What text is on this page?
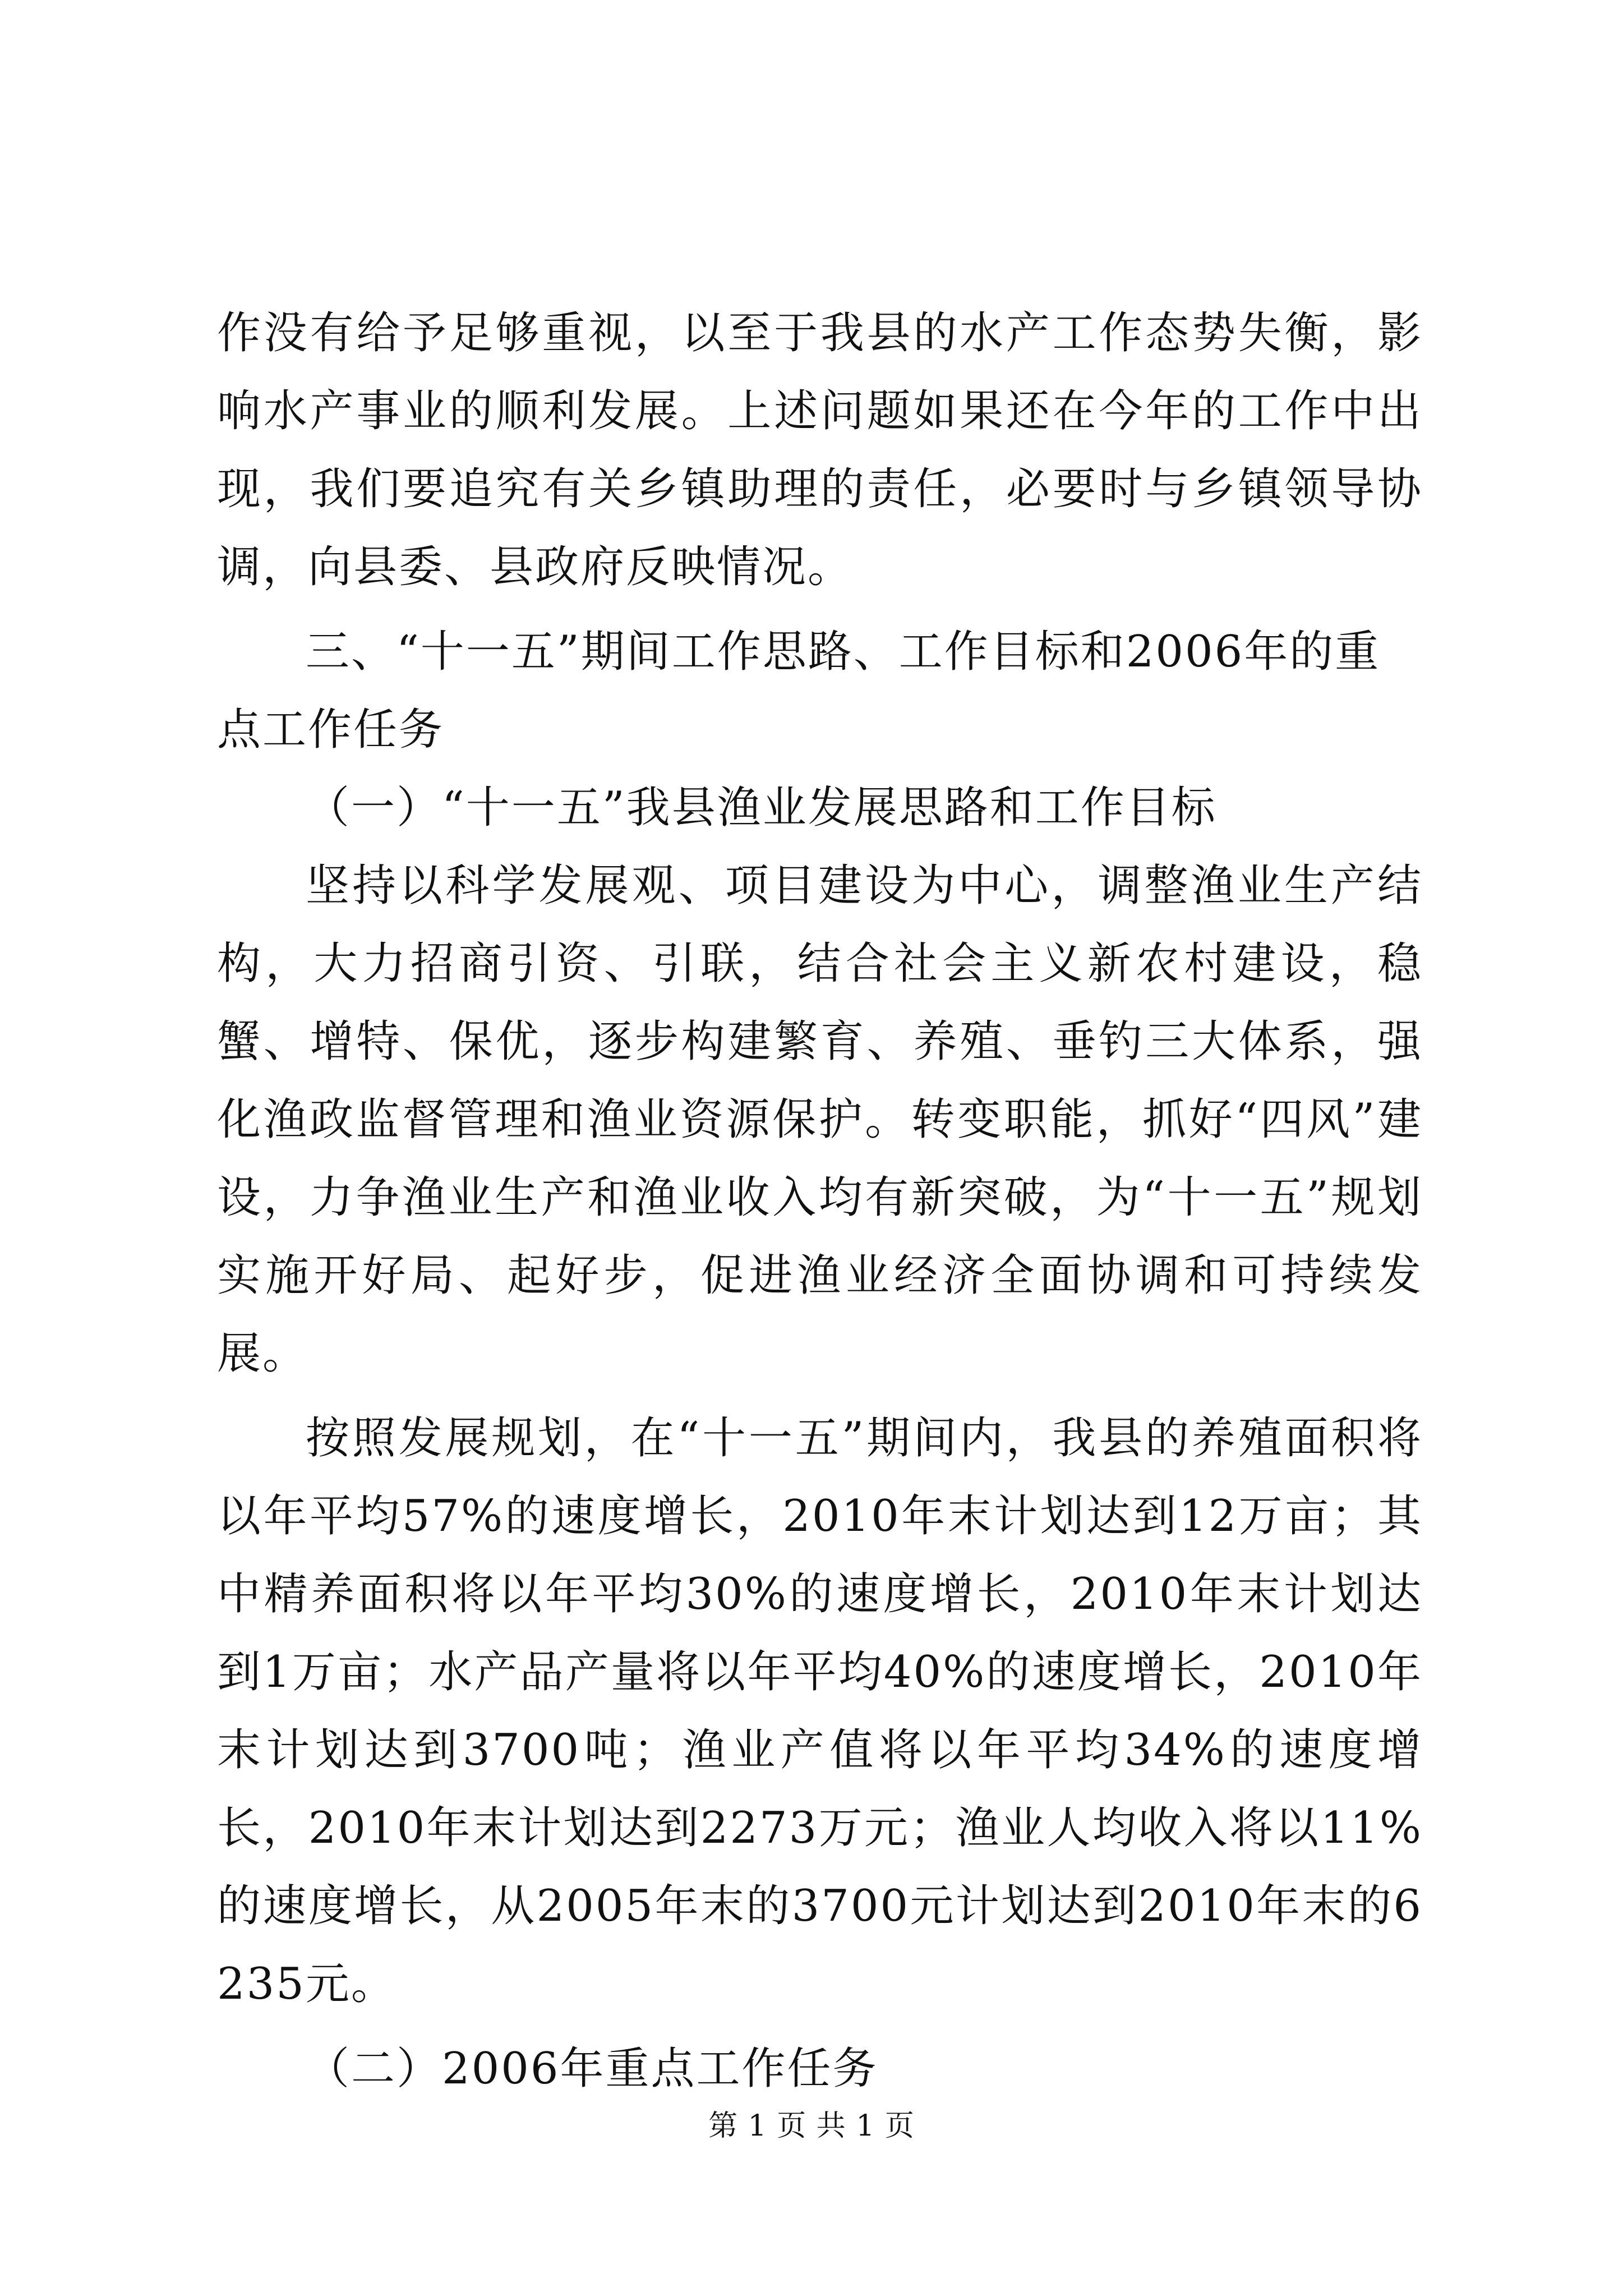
作没有给予足够重视，以至于我县的水产工作态势失衡，影响水产事业的顺利发展。上述问题如果还在今年的工作中出现，我们要追究有关乡镇助理的责任，必要时与乡镇领导协调，向县委、县政府反映情况。

三、“十一五”期间工作思路、工作目标和2006年的重点工作任务

（一）“十一五”我县渔业发展思路和工作目标

坚持以科学发展观、项目建设为中心，调整渔业生产结构，大力招商引资、引联，结合社会主义新农村建设，稳蟹、增特、保优，逐步构建繁育、养殖、垂钓三大体系，强化渔政监督管理和渔业资源保护。转变职能，抓好“四风”建设，力争渔业生产和渔业收入均有新突破，为“十一五”规划实施开好局、起好步，促进渔业经济全面协调和可持续发展。

按照发展规划，在“十一五”期间内，我县的养殖面积将以年平均57%的速度增长，2010年末计划达到12万亩；其中精养面积将以年平均30%的速度增长，2010年末计划达到1万亩；水产品产量将以年平均40%的速度增长，2010年末计划达到3700吨；渔业产值将以年平均34%的速度增长，2010年末计划达到2273万元；渔业人均收入将以11%的速度增长，从2005年末的3700元计划达到2010年末的6235元。

（二）2006年重点工作任务

第 1 页 共 1 页
